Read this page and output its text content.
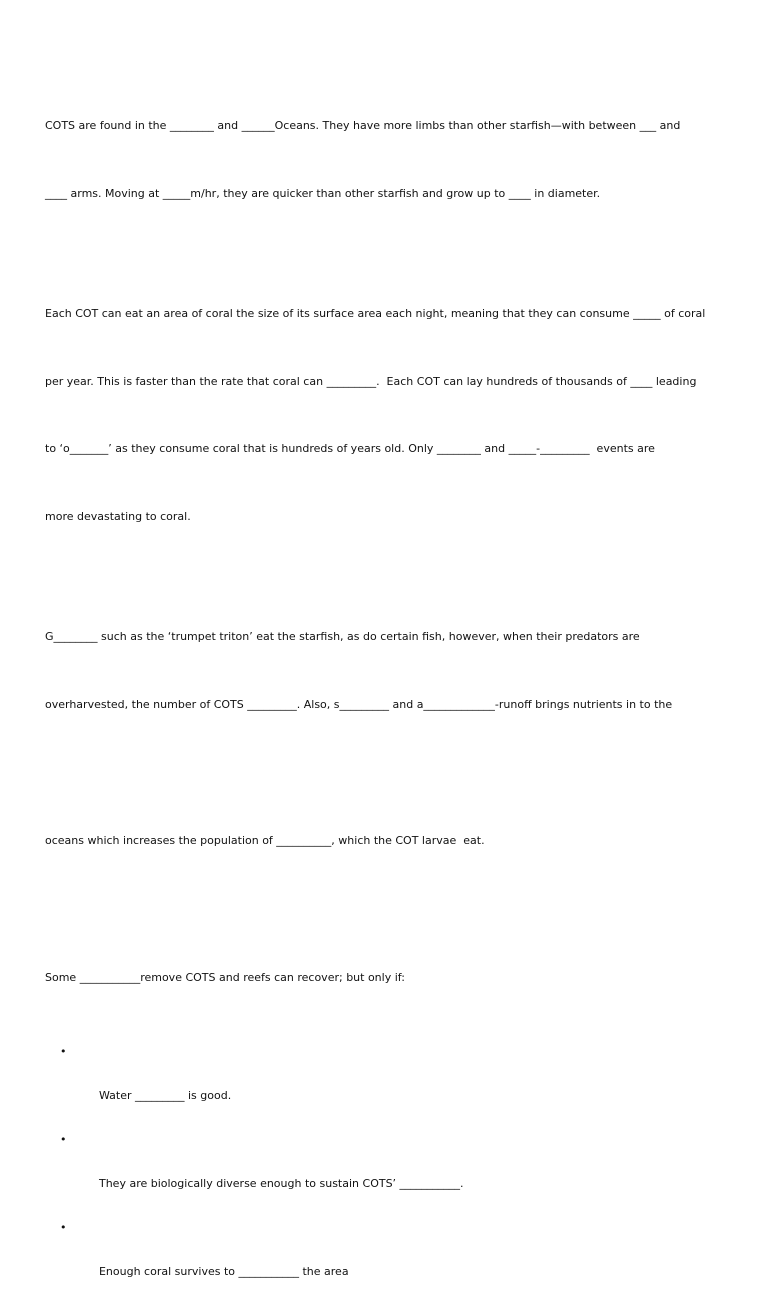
COTS are found in the ________ and ______Oceans. They have more limbs than other starfish—with between ___ and

____ arms. Moving at _____m/hr, they are quicker than other starfish and grow up to ____ in diameter.

Each COT can eat an area of coral the size of its surface area each night, meaning that they can consume _____ of coral

per year. This is faster than the rate that coral can _________.  Each COT can lay hundreds of thousands of ____ leading

to ‘o_______’ as they consume coral that is hundreds of years old. Only ________ and _____-_________  events are

more devastating to coral.

G________ such as the ‘trumpet triton’ eat the starfish, as do certain fish, however, when their predators are

overharvested, the number of COTS _________. Also, s_________ and a_____________-runoff brings nutrients in to the

oceans which increases the population of __________, which the COT larvae  eat.

Some ___________remove COTS and reefs can recover; but only if:

•

Water _________ is good.

•

They are biologically diverse enough to sustain COTS’ ___________.

•

Enough coral survives to ___________ the area
